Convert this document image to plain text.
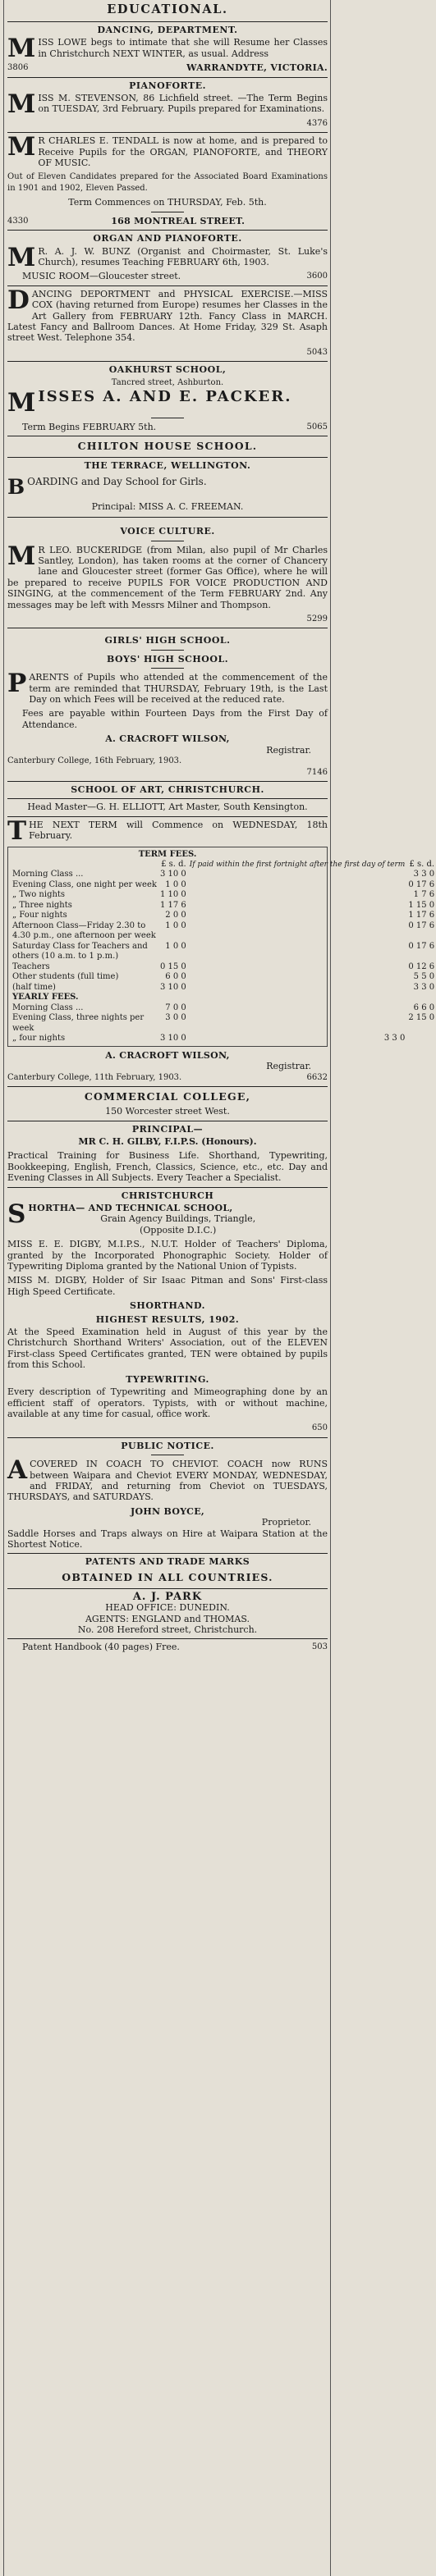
EDUCATIONAL.
DANCING, DEPARTMENT.

MISS LOWE begs to intimate that she will Resume her Classes in Christchurch NEXT WINTER, as usual. Address

3806	WARRANDYTE, VICTORIA.
PIANOFORTE.

MISS M. STEVENSON, 86 Lichfield street. —The Term Begins on TUESDAY, 3rd February. Pupils prepared for Examinations.

4376

M R CHARLES E. TENDALL is now at home, and is prepared to Receive Pupils for the ORGAN, PIANOFORTE, and THEORY OF MUSIC.

Out of Eleven Candidates prepared for the Associated Board Examinations in 1901 and 1902, Eleven Passed.

Term Commences on THURSDAY, Feb. 5th.
4330	168 MONTREAL STREET.
ORGAN AND PIANOFORTE.

M R. A. J. W. BUNZ (Organist and Choirmaster, St. Luke's Church), resumes Teaching FEBRUARY 6th, 1903.

MUSIC ROOM—Gloucester street.	3600

DANCING DEPORTMENT and PHYSICAL EXERCISE.—MISS COX (having returned from Europe) resumes her Classes in the Art Gallery from FEBRUARY 12th. Fancy Class in MARCH. Latest Fancy and Ballroom Dances. At Home Friday, 329 St. Asaph street West. Telephone 354.

5043
OAKHURST SCHOOL,
Tancred street, Ashburton.
MISSES A. AND E. PACKER.
Term Begins FEBRUARY 5th.	5065
CHILTON HOUSE SCHOOL.
THE TERRACE, WELLINGTON.

BOARDING and Day School for Girls.

Principal: MISS A. C. FREEMAN.
VOICE CULTURE.

M R LEO. BUCKERIDGE (from Milan, also pupil of Mr Charles Santley, London), has taken rooms at the corner of Chancery lane and Gloucester street (former Gas Office), where he will be prepared to receive PUPILS FOR VOICE PRODUCTION AND SINGING, at the commencement of the Term FEBRUARY 2nd. Any messages may be left with Messrs Milner and Thompson.

5299
GIRLS' HIGH SCHOOL.
BOYS' HIGH SCHOOL.

PARENTS of Pupils who attended at the commencement of the term are reminded that THURSDAY, February 19th, is the Last Day on which Fees will be received at the reduced rate.

Fees are payable within Fourteen Days from the First Day of Attendance.

A. CRACROFT WILSON,
Registrar.
Canterbury College, 16th February, 1903.
7146
SCHOOL OF ART, CHRISTCHURCH.

Head Master—G. H. ELLIOTT, Art Master, South Kensington.

THE NEXT TERM will Commence on WEDNESDAY, 18th February.

TERM FEES.
	£ s. d.	If paid within the first fortnight after the first day of term	£ s. d.
Morning Class ...	3 10 0		3 3 0
Evening Class, one night per week	1 0 0		0 17 6
„ Two nights	1 10 0		1 7 6
„ Three nights	1 17 6		1 15 0
„ Four nights	2 0 0		1 17 6
Afternoon Class—Friday 2.30 to 4.30 p.m., one afternoon per week	1 0 0		0 17 6
Saturday Class for Teachers and others (10 a.m. to 1 p.m.)	1 0 0		0 17 6
Teachers	0 15 0		0 12 6
Other students (full time)	6 0 0		5 5 0
(half time)	3 10 0		3 3 0
YEARLY FEES.			
Morning Class ...	7 0 0		6 6 0
Evening Class, three nights per week	3 0 0		2 15 0
„ four nights	3 10 0	3 3 0	
A. CRACROFT WILSON,
Registrar.
Canterbury College, 11th February, 1903.	6632
COMMERCIAL COLLEGE,
150 Worcester street West.
PRINCIPAL—
MR C. H. GILBY, F.I.P.S. (Honours).

Practical Training for Business Life. Shorthand, Typewriting, Bookkeeping, English, French, Classics, Science, etc., etc. Day and Evening Classes in All Subjects. Every Teacher a Specialist.

CHRISTCHURCH
SHORTHA— AND TECHNICAL SCHOOL,
Grain Agency Buildings, Triangle,
(Opposite D.I.C.)

MISS E. E. DIGBY, M.I.P.S., N.U.T. Holder of Teachers' Diploma, granted by the Incorporated Phonographic Society. Holder of Typewriting Diploma granted by the National Union of Typists.

MISS M. DIGBY, Holder of Sir Isaac Pitman and Sons' First-class High Speed Certificate.

SHORTHAND.
HIGHEST RESULTS, 1902.

At the Speed Examination held in August of this year by the Christchurch Shorthand Writers' Association, out of the ELEVEN First-class Speed Certificates granted, TEN were obtained by pupils from this School.

TYPEWRITING.

Every description of Typewriting and Mimeographing done by an efficient staff of operators. Typists, with or without machine, available at any time for casual, office work.

650
PUBLIC NOTICE.

ACOVERED IN COACH TO CHEVIOT. COACH now RUNS between Waipara and Cheviot EVERY MONDAY, WEDNESDAY, and FRIDAY, and returning from Cheviot on TUESDAYS, THURSDAYS, and SATURDAYS.

JOHN BOYCE,
Proprietor.

Saddle Horses and Traps always on Hire at Waipara Station at the Shortest Notice.

PATENTS AND TRADE MARKS
OBTAINED IN ALL COUNTRIES.
A. J. PARK
HEAD OFFICE: DUNEDIN.
AGENTS: ENGLAND and THOMAS.
No. 208 Hereford street, Christchurch.
Patent Handbook (40 pages) Free.	503
